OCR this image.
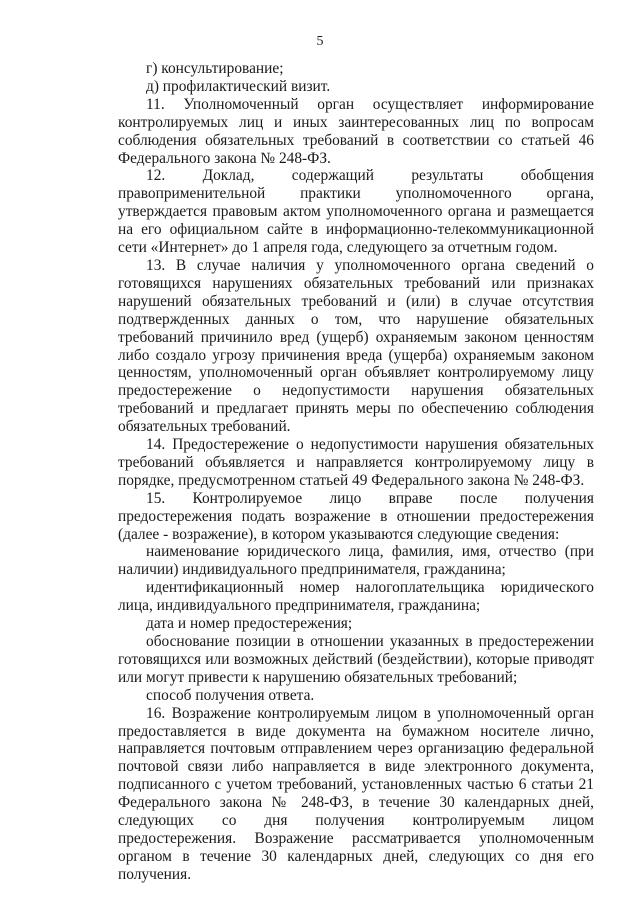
5

г) консультирование;

д) профилактический визит.

11. Уполномоченный орган осуществляет информирование контролируемых лиц и иных заинтересованных лиц по вопросам соблюдения обязательных требований в соответствии со статьей 46 Федерального закона № 248-ФЗ.

12. Доклад, содержащий результаты обобщения правоприменительной практики уполномоченного органа, утверждается правовым актом уполномоченного органа и размещается на его официальном сайте в информационно-телекоммуникационной сети «Интернет» до 1 апреля года, следующего за отчетным годом.

13. В случае наличия у уполномоченного органа сведений о готовящихся нарушениях обязательных требований или признаках нарушений обязательных требований и (или) в случае отсутствия подтвержденных данных о том, что нарушение обязательных требований причинило вред (ущерб) охраняемым законом ценностям либо создало угрозу причинения вреда (ущерба) охраняемым законом ценностям, уполномоченный орган объявляет контролируемому лицу предостережение о недопустимости нарушения обязательных требований и предлагает принять меры по обеспечению соблюдения обязательных требований.

14. Предостережение о недопустимости нарушения обязательных требований объявляется и направляется контролируемому лицу в порядке, предусмотренном статьей 49 Федерального закона № 248-ФЗ.

15. Контролируемое лицо вправе после получения предостережения подать возражение в отношении предостережения (далее - возражение), в котором указываются следующие сведения:

наименование юридического лица, фамилия, имя, отчество (при наличии) индивидуального предпринимателя, гражданина;

идентификационный номер налогоплательщика юридического лица, индивидуального предпринимателя, гражданина;

дата и номер предостережения;

обоснование позиции в отношении указанных в предостережении готовящихся или возможных действий (бездействии), которые приводят или могут привести к нарушению обязательных требований;

способ получения ответа.

16. Возражение контролируемым лицом в уполномоченный орган предоставляется в виде документа на бумажном носителе лично, направляется почтовым отправлением через организацию федеральной почтовой связи либо направляется в виде электронного документа, подписанного с учетом требований, установленных частью 6 статьи 21 Федерального закона № 248-ФЗ, в течение 30 календарных дней, следующих со дня получения контролируемым лицом предостережения. Возражение рассматривается уполномоченным органом в течение 30 календарных дней, следующих со дня его получения.
